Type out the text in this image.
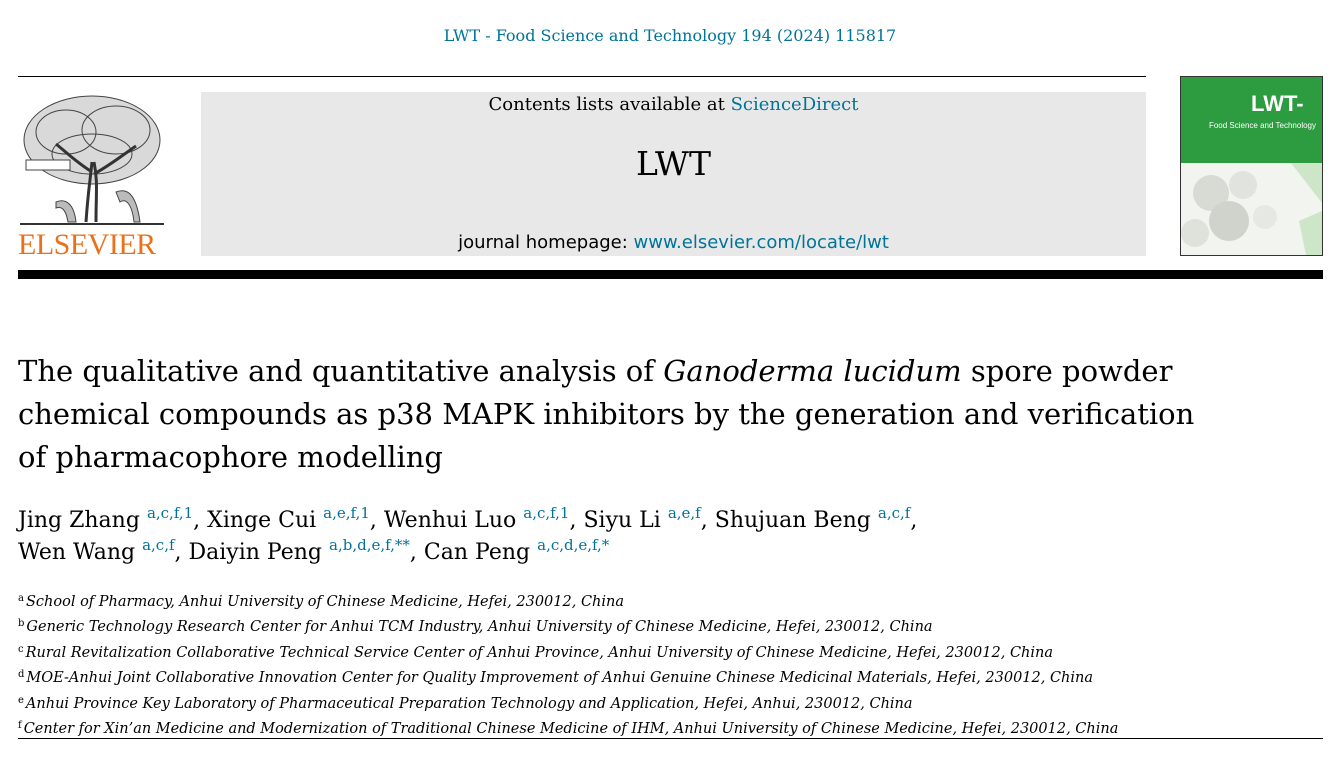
LWT - Food Science and Technology 194 (2024) 115817
ELSEVIER
Contents lists available at ScienceDirect
LWT
journal homepage: www.elsevier.com/locate/lwt
LWT-
Food Science and Technology
The qualitative and quantitative analysis of Ganoderma lucidum spore powder chemical compounds as p38 MAPK inhibitors by the generation and verification of pharmacophore modelling
Jing Zhang $^{a,c,f,1}$, Xinge Cui $^{a,e,f,1}$, Wenhui Luo $^{a,c,f,1}$, Siyu Li $^{a,e,f}$, Shujuan Beng $^{a,c,f}$,
Wen Wang $^{a,c,f}$, Daiyin Peng $^{a,b,d,e,f,**}$, Can Peng $^{a,c,d,e,f,*}$
$^a$ School of Pharmacy, Anhui University of Chinese Medicine, Hefei, 230012, China
$^b$ Generic Technology Research Center for Anhui TCM Industry, Anhui University of Chinese Medicine, Hefei, 230012, China
$^c$ Rural Revitalization Collaborative Technical Service Center of Anhui Province, Anhui University of Chinese Medicine, Hefei, 230012, China
$^d$ MOE-Anhui Joint Collaborative Innovation Center for Quality Improvement of Anhui Genuine Chinese Medicinal Materials, Hefei, 230012, China
$^e$ Anhui Province Key Laboratory of Pharmaceutical Preparation Technology and Application, Hefei, Anhui, 230012, China
$^f$ Center for Xin’an Medicine and Modernization of Traditional Chinese Medicine of IHM, Anhui University of Chinese Medicine, Hefei, 230012, China
